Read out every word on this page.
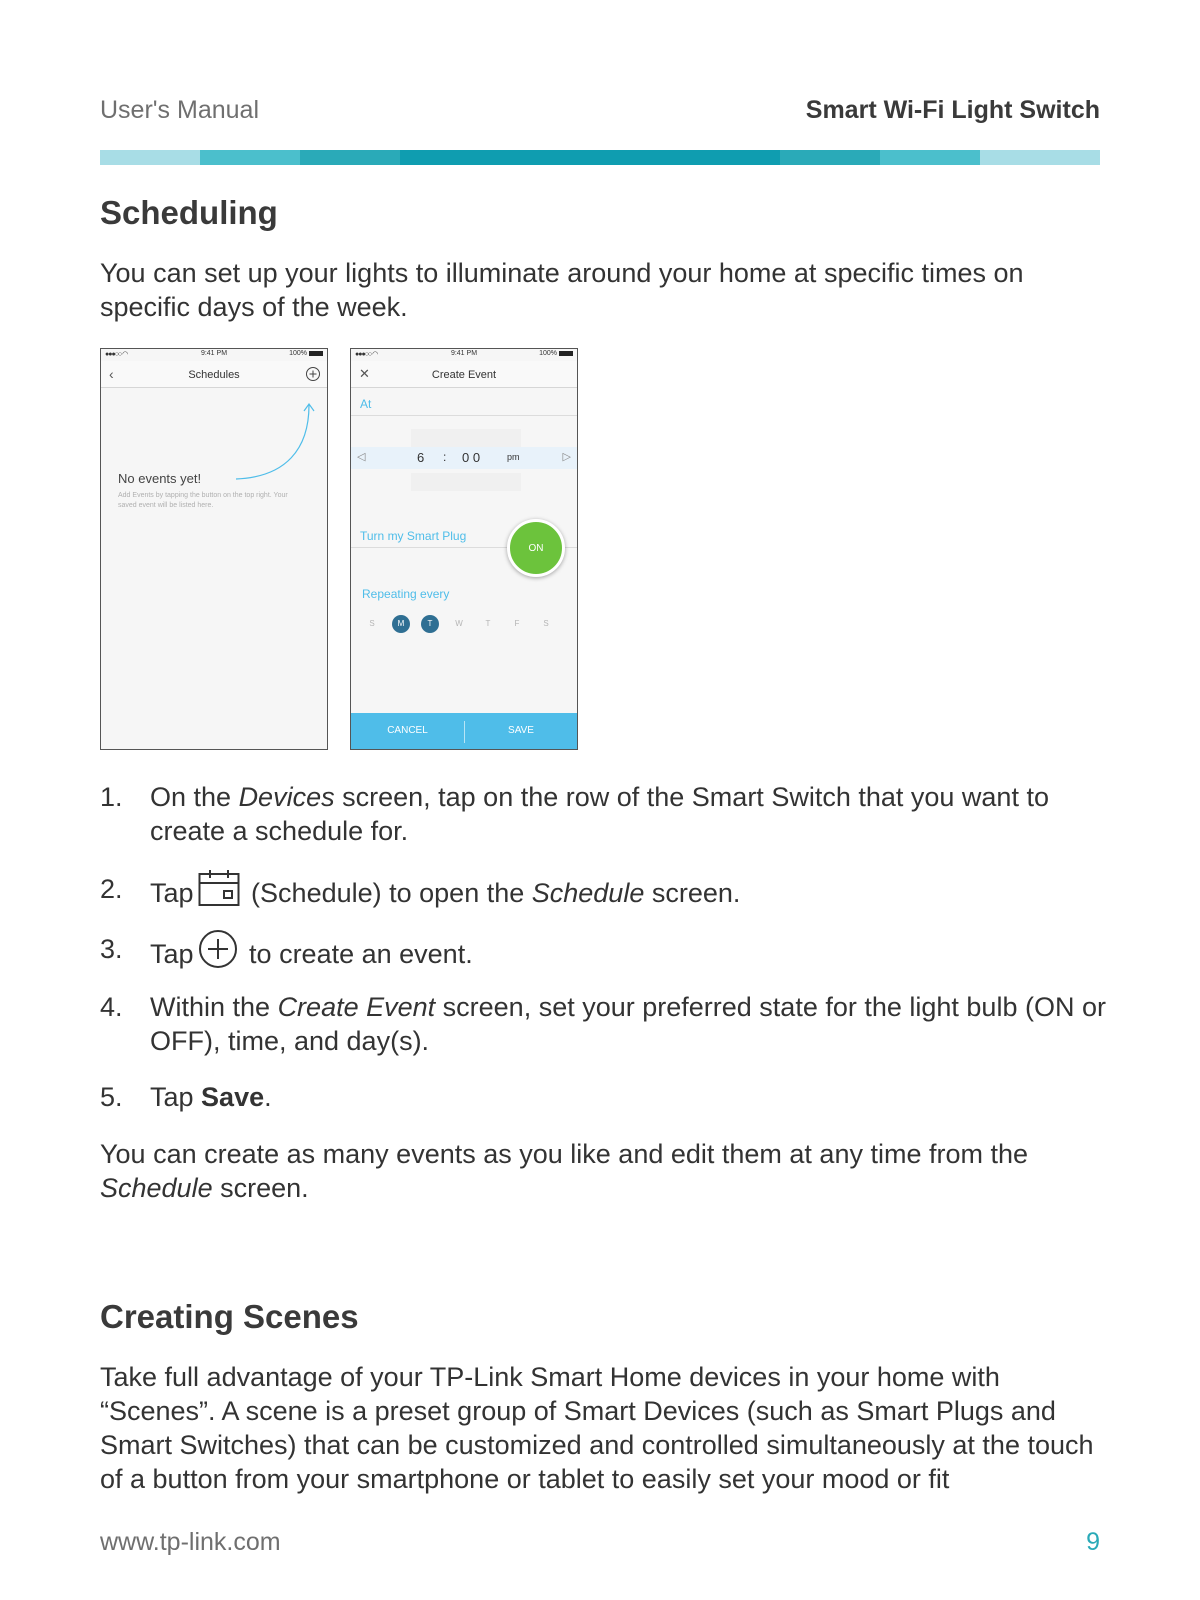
User's Manual	Smart Wi-Fi Light Switch
Scheduling

You can set up your lights to illuminate around your home at specific times on specific days of the week.

●●●○○ ◠	9:41 PM	100%
‹	Schedules
No events yet!
Add Events by tapping the button on the top right. Your saved event will be listed here.
●●●○○ ◠	9:41 PM	100%
✕	Create Event
At
◁	6 : 0 0	pm	▷
Turn my Smart Plug
ON
Repeating every
S	M	T	W	T	F	S
CANCEL	SAVE
1. On the Devices screen, tap on the row of the Smart Switch that you want to create a schedule for.
2. Tap (Schedule) to open the Schedule screen.
3. Tap to create an event.
4. Within the Create Event screen, set your preferred state for the light bulb (ON or OFF), time, and day(s).
5. Tap Save.

You can create as many events as you like and edit them at any time from the Schedule screen.

Creating Scenes

Take full advantage of your TP-Link Smart Home devices in your home with “Scenes”. A scene is a preset group of Smart Devices (such as Smart Plugs and Smart Switches) that can be customized and controlled simultaneously at the touch of a button from your smartphone or tablet to easily set your mood or fit

www.tp-link.com	9
